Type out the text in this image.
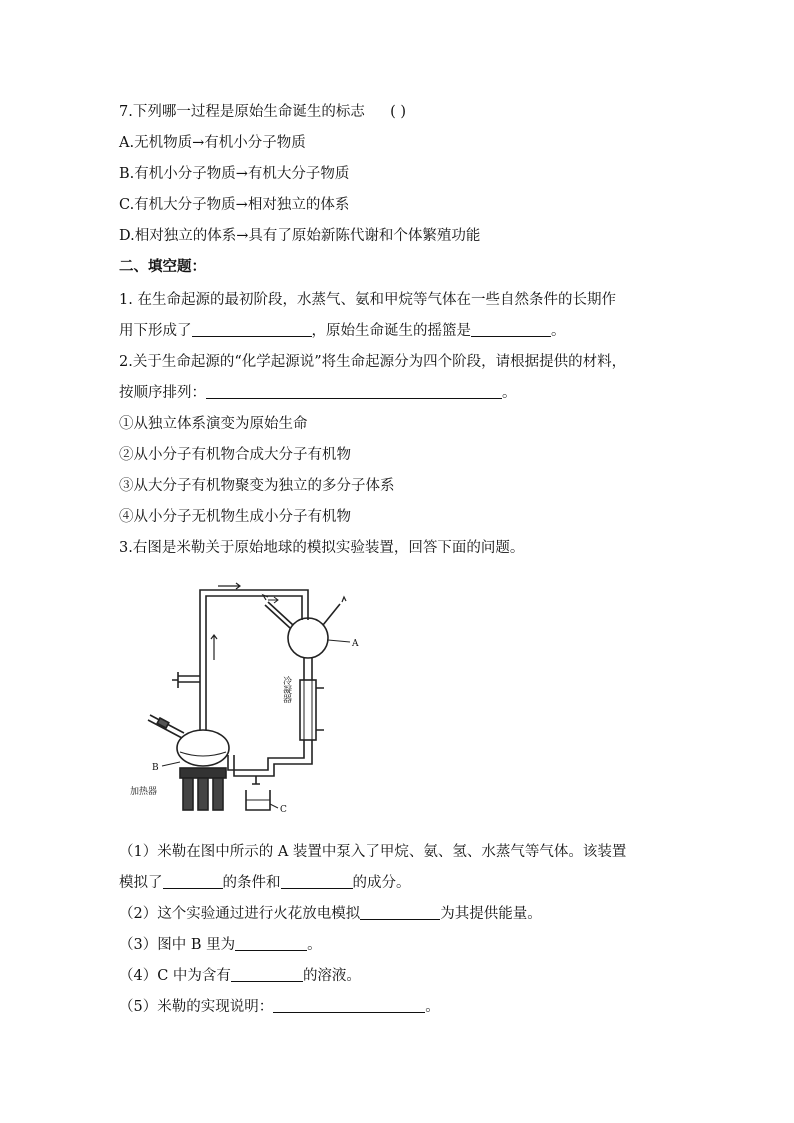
7.下列哪一过程是原始生命诞生的标志 ( )
A.无机物质→有机小分子物质
B.有机小分子物质→有机大分子物质
C.有机大分子物质→相对独立的体系
D.相对独立的体系→具有了原始新陈代谢和个体繁殖功能
二、填空题：
1. 在生命起源的最初阶段，水蒸气、氨和甲烷等气体在一些自然条件的长期作
用下形成了	，原始生命诞生的摇篮是	。
2.关于生命起源的“化学起源说”将生命起源分为四个阶段，请根据提供的材料，
按顺序排列：	。
①从独立体系演变为原始生命
②从小分子有机物合成大分子有机物
③从大分子有机物聚变为独立的多分子体系
④从小分子无机物生成小分子有机物
3.右图是米勒关于原始地球的模拟实验装置，回答下面的问题。
A
B
C
冷凝器
加热器
（1）米勒在图中所示的 A 装置中泵入了甲烷、氨、氢、水蒸气等气体。该装置
模拟了	的条件和	的成分。
（2）这个实验通过进行火花放电模拟	为其提供能量。
（3）图中 B 里为	。
（4）C 中为含有	的溶液。
（5）米勒的实现说明：	。
